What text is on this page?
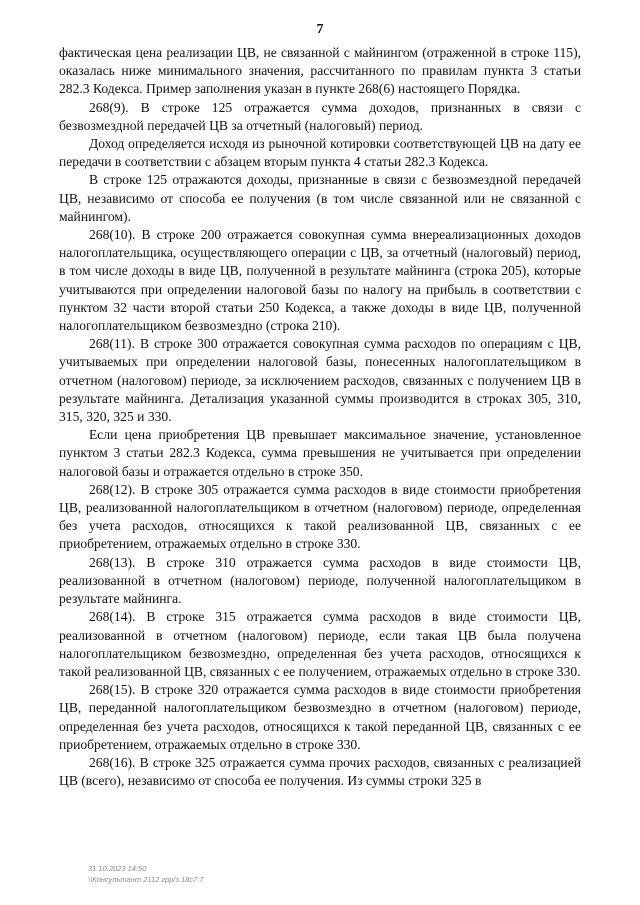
7

фактическая цена реализации ЦВ, не связанной с майнингом (отраженной в строке 115), оказалась ниже минимального значения, рассчитанного по правилам пункта 3 статьи 282.3 Кодекса. Пример заполнения указан в пункте 268(6) настоящего Порядка.

268(9). В строке 125 отражается сумма доходов, признанных в связи с безвозмездной передачей ЦВ за отчетный (налоговый) период.

Доход определяется исходя из рыночной котировки соответствующей ЦВ на дату ее передачи в соответствии с абзацем вторым пункта 4 статьи 282.3 Кодекса.

В строке 125 отражаются доходы, признанные в связи с безвозмездной передачей ЦВ, независимо от способа ее получения (в том числе связанной или не связанной с майнингом).

268(10). В строке 200 отражается совокупная сумма внереализационных доходов налогоплательщика, осуществляющего операции с ЦВ, за отчетный (налоговый) период, в том числе доходы в виде ЦВ, полученной в результате майнинга (строка 205), которые учитываются при определении налоговой базы по налогу на прибыль в соответствии с пунктом 32 части второй статьи 250 Кодекса, а также доходы в виде ЦВ, полученной налогоплательщиком безвозмездно (строка 210).

268(11). В строке 300 отражается совокупная сумма расходов по операциям с ЦВ, учитываемых при определении налоговой базы, понесенных налогоплательщиком в отчетном (налоговом) периоде, за исключением расходов, связанных с получением ЦВ в результате майнинга. Детализация указанной суммы производится в строках 305, 310, 315, 320, 325 и 330.

Если цена приобретения ЦВ превышает максимальное значение, установленное пунктом 3 статьи 282.3 Кодекса, сумма превышения не учитывается при определении налоговой базы и отражается отдельно в строке 350.

268(12). В строке 305 отражается сумма расходов в виде стоимости приобретения ЦВ, реализованной налогоплательщиком в отчетном (налоговом) периоде, определенная без учета расходов, относящихся к такой реализованной ЦВ, связанных с ее приобретением, отражаемых отдельно в строке 330.

268(13). В строке 310 отражается сумма расходов в виде стоимости ЦВ, реализованной в отчетном (налоговом) периоде, полученной налогоплательщиком в результате майнинга.

268(14). В строке 315 отражается сумма расходов в виде стоимости ЦВ, реализованной в отчетном (налоговом) периоде, если такая ЦВ была получена налогоплательщиком безвозмездно, определенная без учета расходов, относящихся к такой реализованной ЦВ, связанных с ее получением, отражаемых отдельно в строке 330.

268(15). В строке 320 отражается сумма расходов в виде стоимости приобретения ЦВ, переданной налогоплательщиком безвозмездно в отчетном (налоговом) периоде, определенная без учета расходов, относящихся к такой переданной ЦВ, связанных с ее приобретением, отражаемых отдельно в строке 330.

268(16). В строке 325 отражается сумма прочих расходов, связанных с реализацией ЦВ (всего), независимо от способа ее получения. Из суммы строки 325 в

31.10.2023 14:50
\\Консультант 2112 грр/з.18с7:7
